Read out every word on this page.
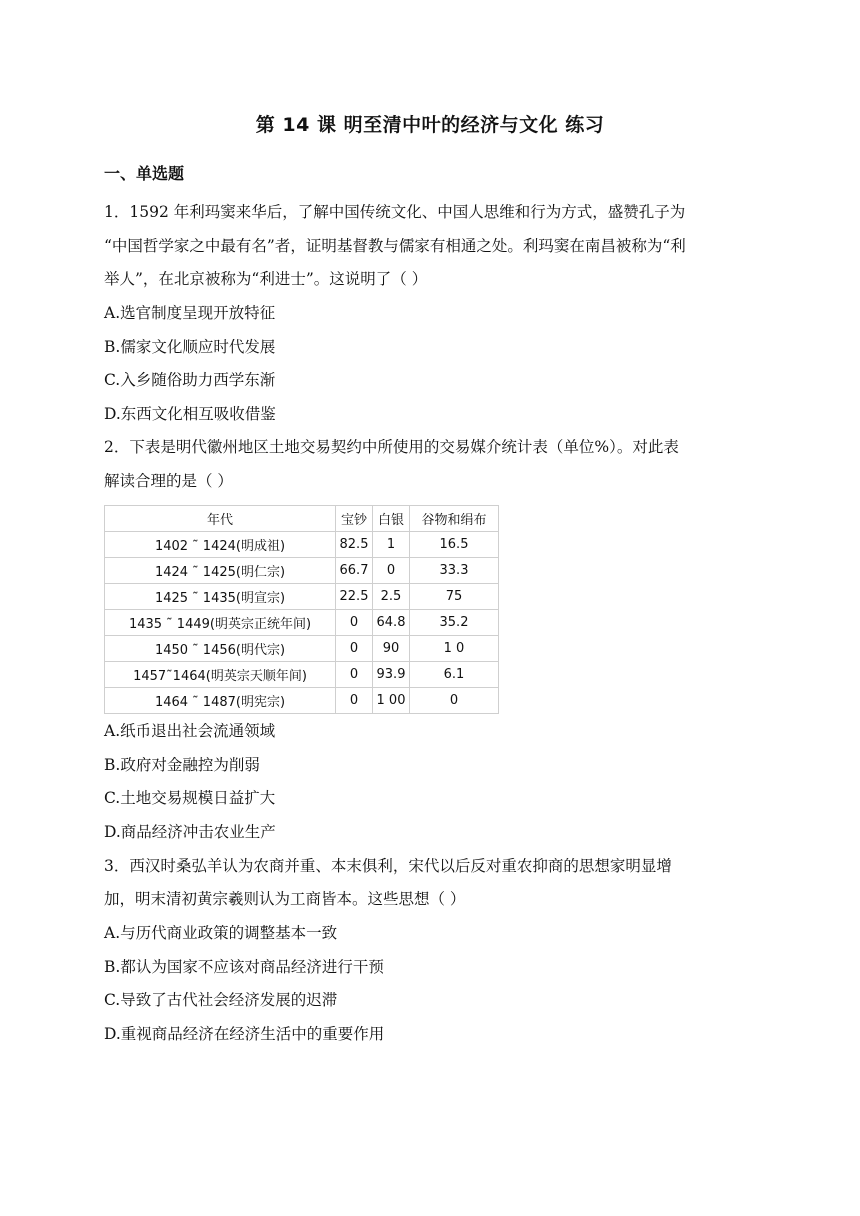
第 14 课 明至清中叶的经济与文化 练习
一、单选题
1．1592 年利玛窦来华后，了解中国传统文化、中国人思维和行为方式，盛赞孔子为
“中国哲学家之中最有名”者，证明基督教与儒家有相通之处。利玛窦在南昌被称为“利
举人”，在北京被称为“利进士”。这说明了（ ）
A.选官制度呈现开放特征
B.儒家文化顺应时代发展
C.入乡随俗助力西学东渐
D.东西文化相互吸收借鉴
2．下表是明代徽州地区土地交易契约中所使用的交易媒介统计表（单位%）。对此表
解读合理的是（ ）
年代	宝钞	白银	谷物和绢布
1402 ˜ 1424(明成祖)	82.5	1	16.5
1424 ˜ 1425(明仁宗)	66.7	0	33.3
1425 ˜ 1435(明宣宗)	22.5	2.5	75
1435 ˜ 1449(明英宗正统年间)	0	64.8	35.2
1450 ˜ 1456(明代宗)	0	90	1 0
1457˜1464(明英宗天顺年间)	0	93.9	6.1
1464 ˜ 1487(明宪宗)	0	1 00	0
A.纸币退出社会流通领域
B.政府对金融控为削弱
C.土地交易规模日益扩大
D.商品经济冲击农业生产
3．西汉时桑弘羊认为农商并重、本末俱利，宋代以后反对重农抑商的思想家明显增
加，明末清初黄宗羲则认为工商皆本。这些思想（ ）
A.与历代商业政策的调整基本一致
B.都认为国家不应该对商品经济进行干预
C.导致了古代社会经济发展的迟滞
D.重视商品经济在经济生活中的重要作用
